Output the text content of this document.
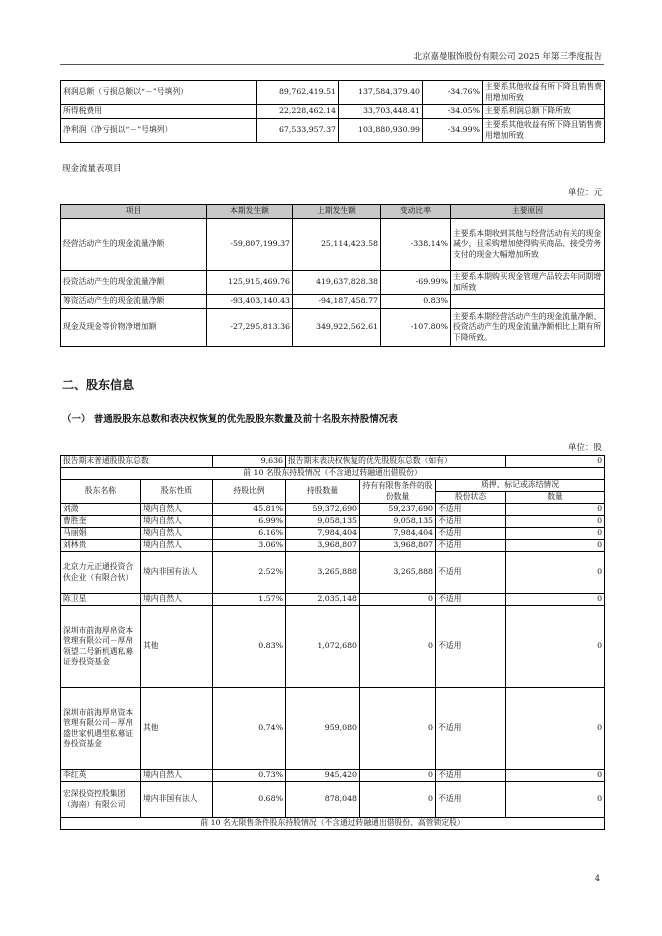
北京嘉曼服饰股份有限公司 2025 年第三季度报告
利润总额（亏损总额以“－”号填列）	89,762,419.51	137,584,379.40	-34.76%	主要系其他收益有所下降且销售费用增加所致
所得税费用	22,228,462.14	33,703,448.41	-34.05%	主要系利润总额下降所致
净利润（净亏损以“－”号填列）	67,533,957.37	103,880,930.99	-34.99%	主要系其他收益有所下降且销售费用增加所致
现金流量表项目
单位：元
项目	本期发生额	上期发生额	变动比率	主要原因
经营活动产生的现金流量净额	-59,807,199.37	25,114,423.58	-338.14%	主要系本期收到其他与经营活动有关的现金减少，且采购增加使得购买商品、接受劳务支付的现金大幅增加所致
投资活动产生的现金流量净额	125,915,469.76	419,637,828.38	-69.99%	主要系本期购买现金管理产品较去年同期增加所致
筹资活动产生的现金流量净额	-93,403,140.43	-94,187,458.77	0.83%	
现金及现金等价物净增加额	-27,295,813.36	349,922,562.61	-107.80%	主要系本期经营活动产生的现金流量净额、投资活动产生的现金流量净额相比上期有所下降所致。
二、股东信息
（一） 普通股股东总数和表决权恢复的优先股股东数量及前十名股东持股情况表
单位：股
报告期末普通股股东总数		9,636	报告期末表决权恢复的优先股股东总数（如有）			0
前 10 名股东持股情况（不含通过转融通出借股份）						
股东名称	股东性质	持股比例	持股数量	持有有限售条件的股份数量	质押、标记或冻结情况	
					股份状态	数量
刘溦	境内自然人	45.81%	59,372,690	59,237,690	不适用	0
曹胜奎	境内自然人	6.99%	9,058,135	9,058,135	不适用	0
马丽娟	境内自然人	6.16%	7,984,404	7,984,404	不适用	0
刘林贵	境内自然人	3.06%	3,968,807	3,968,807	不适用	0
北京力元正通投资合伙企业（有限合伙）	境内非国有法人	2.52%	3,265,888	3,265,888	不适用	0
陈卫星	境内自然人	1.57%	2,035,148	0	不适用	0
深圳市前海厚帛资本管理有限公司－厚帛领望二号新机遇私募证券投资基金	其他	0.83%	1,072,680	0	不适用	0
深圳市前海厚帛资本管理有限公司－厚帛盛世家机遇型私募证券投资基金	其他	0.74%	959,080	0	不适用	0
李红英	境内自然人	0.73%	945,420	0	不适用	0
宏深投资控股集团（海南）有限公司	境内非国有法人	0.68%	878,048	0	不适用	0
前 10 名无限售条件股东持股情况（不含通过转融通出借股份、高管锁定股）						
4
